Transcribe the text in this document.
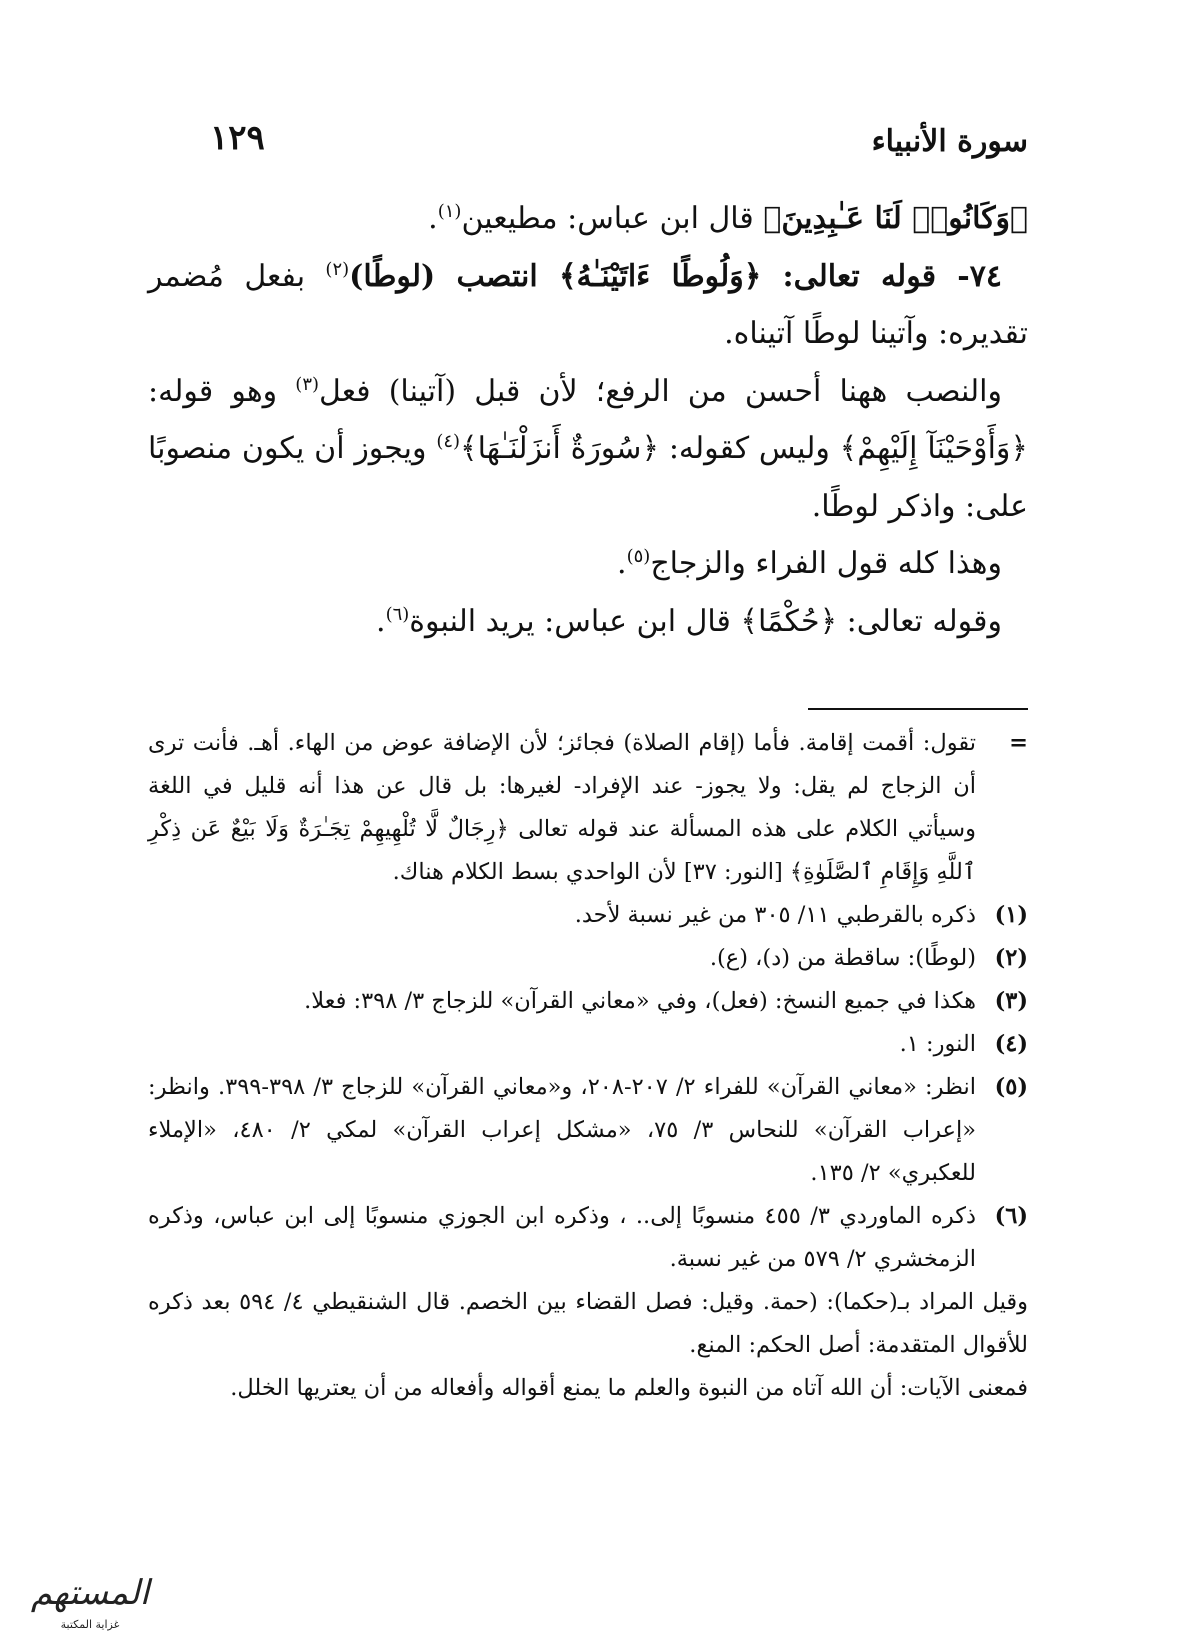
١٢٩	سورة الأنبياء

﴿وَكَانُوا۟ لَنَا عَـٰبِدِينَ﴾ قال ابن عباس: مطيعين$^{(١)}$.

٧٤- قوله تعالى: ﴿وَلُوطًا ءَاتَيْنَـٰهُ﴾ انتصب (لوطًا)$^{(٢)}$ بفعل مُضمر تقديره: وآتينا لوطًا آتيناه.

والنصب ههنا أحسن من الرفع؛ لأن قبل (آتينا) فعل$^{(٣)}$ وهو قوله: ﴿وَأَوْحَيْنَآ إِلَيْهِمْ﴾ وليس كقوله: ﴿سُورَةٌ أَنزَلْنَـٰهَا﴾$^{(٤)}$ ويجوز أن يكون منصوبًا على: واذكر لوطًا.

وهذا كله قول الفراء والزجاج$^{(٥)}$.

وقوله تعالى: ﴿حُكْمًا﴾ قال ابن عباس: يريد النبوة$^{(٦)}$.

=
تقول: أقمت إقامة. فأما (إقام الصلاة) فجائز؛ لأن الإضافة عوض من الهاء. أهـ. فأنت ترى أن الزجاج لم يقل: ولا يجوز- عند الإفراد- لغيرها: بل قال عن هذا أنه قليل في اللغة وسيأتي الكلام على هذه المسألة عند قوله تعالى ﴿رِجَالٌ لَّا تُلْهِيهِمْ تِجَـٰرَةٌ وَلَا بَيْعٌ عَن ذِكْرِ ٱللَّهِ وَإِقَامِ ٱلصَّلَوٰةِ﴾ [النور: ٣٧] لأن الواحدي بسط الكلام هناك.
(١)
ذكره بالقرطبي ١١/ ٣٠٥ من غير نسبة لأحد.
(٢)
(لوطًا): ساقطة من (د)، (ع).
(٣)
هكذا في جميع النسخ: (فعل)، وفي «معاني القرآن» للزجاج ٣/ ٣٩٨: فعلا.
(٤)
النور: ١.
(٥)
انظر: «معاني القرآن» للفراء ٢/ ٢٠٧-٢٠٨، و«معاني القرآن» للزجاج ٣/ ٣٩٨-٣٩٩. وانظر: «إعراب القرآن» للنحاس ٣/ ٧٥، «مشكل إعراب القرآن» لمكي ٢/ ٤٨٠، «الإملاء للعكبري» ٢/ ١٣٥.
(٦)

ذكره الماوردي ٣/ ٤٥٥ منسوبًا إلى.. ، وذكره ابن الجوزي منسوبًا إلى ابن عباس، وذكره الزمخشري ٢/ ٥٧٩ من غير نسبة.

وقيل المراد بـ(حكما): (حمة. وقيل: فصل القضاء بين الخصم. قال الشنقيطي ٤/ ٥٩٤ بعد ذكره للأقوال المتقدمة: أصل الحكم: المنع.

فمعنى الآيات: أن الله آتاه من النبوة والعلم ما يمنع أقواله وأفعاله من أن يعتريها الخلل.

المستهم
غزاية المكتبة
